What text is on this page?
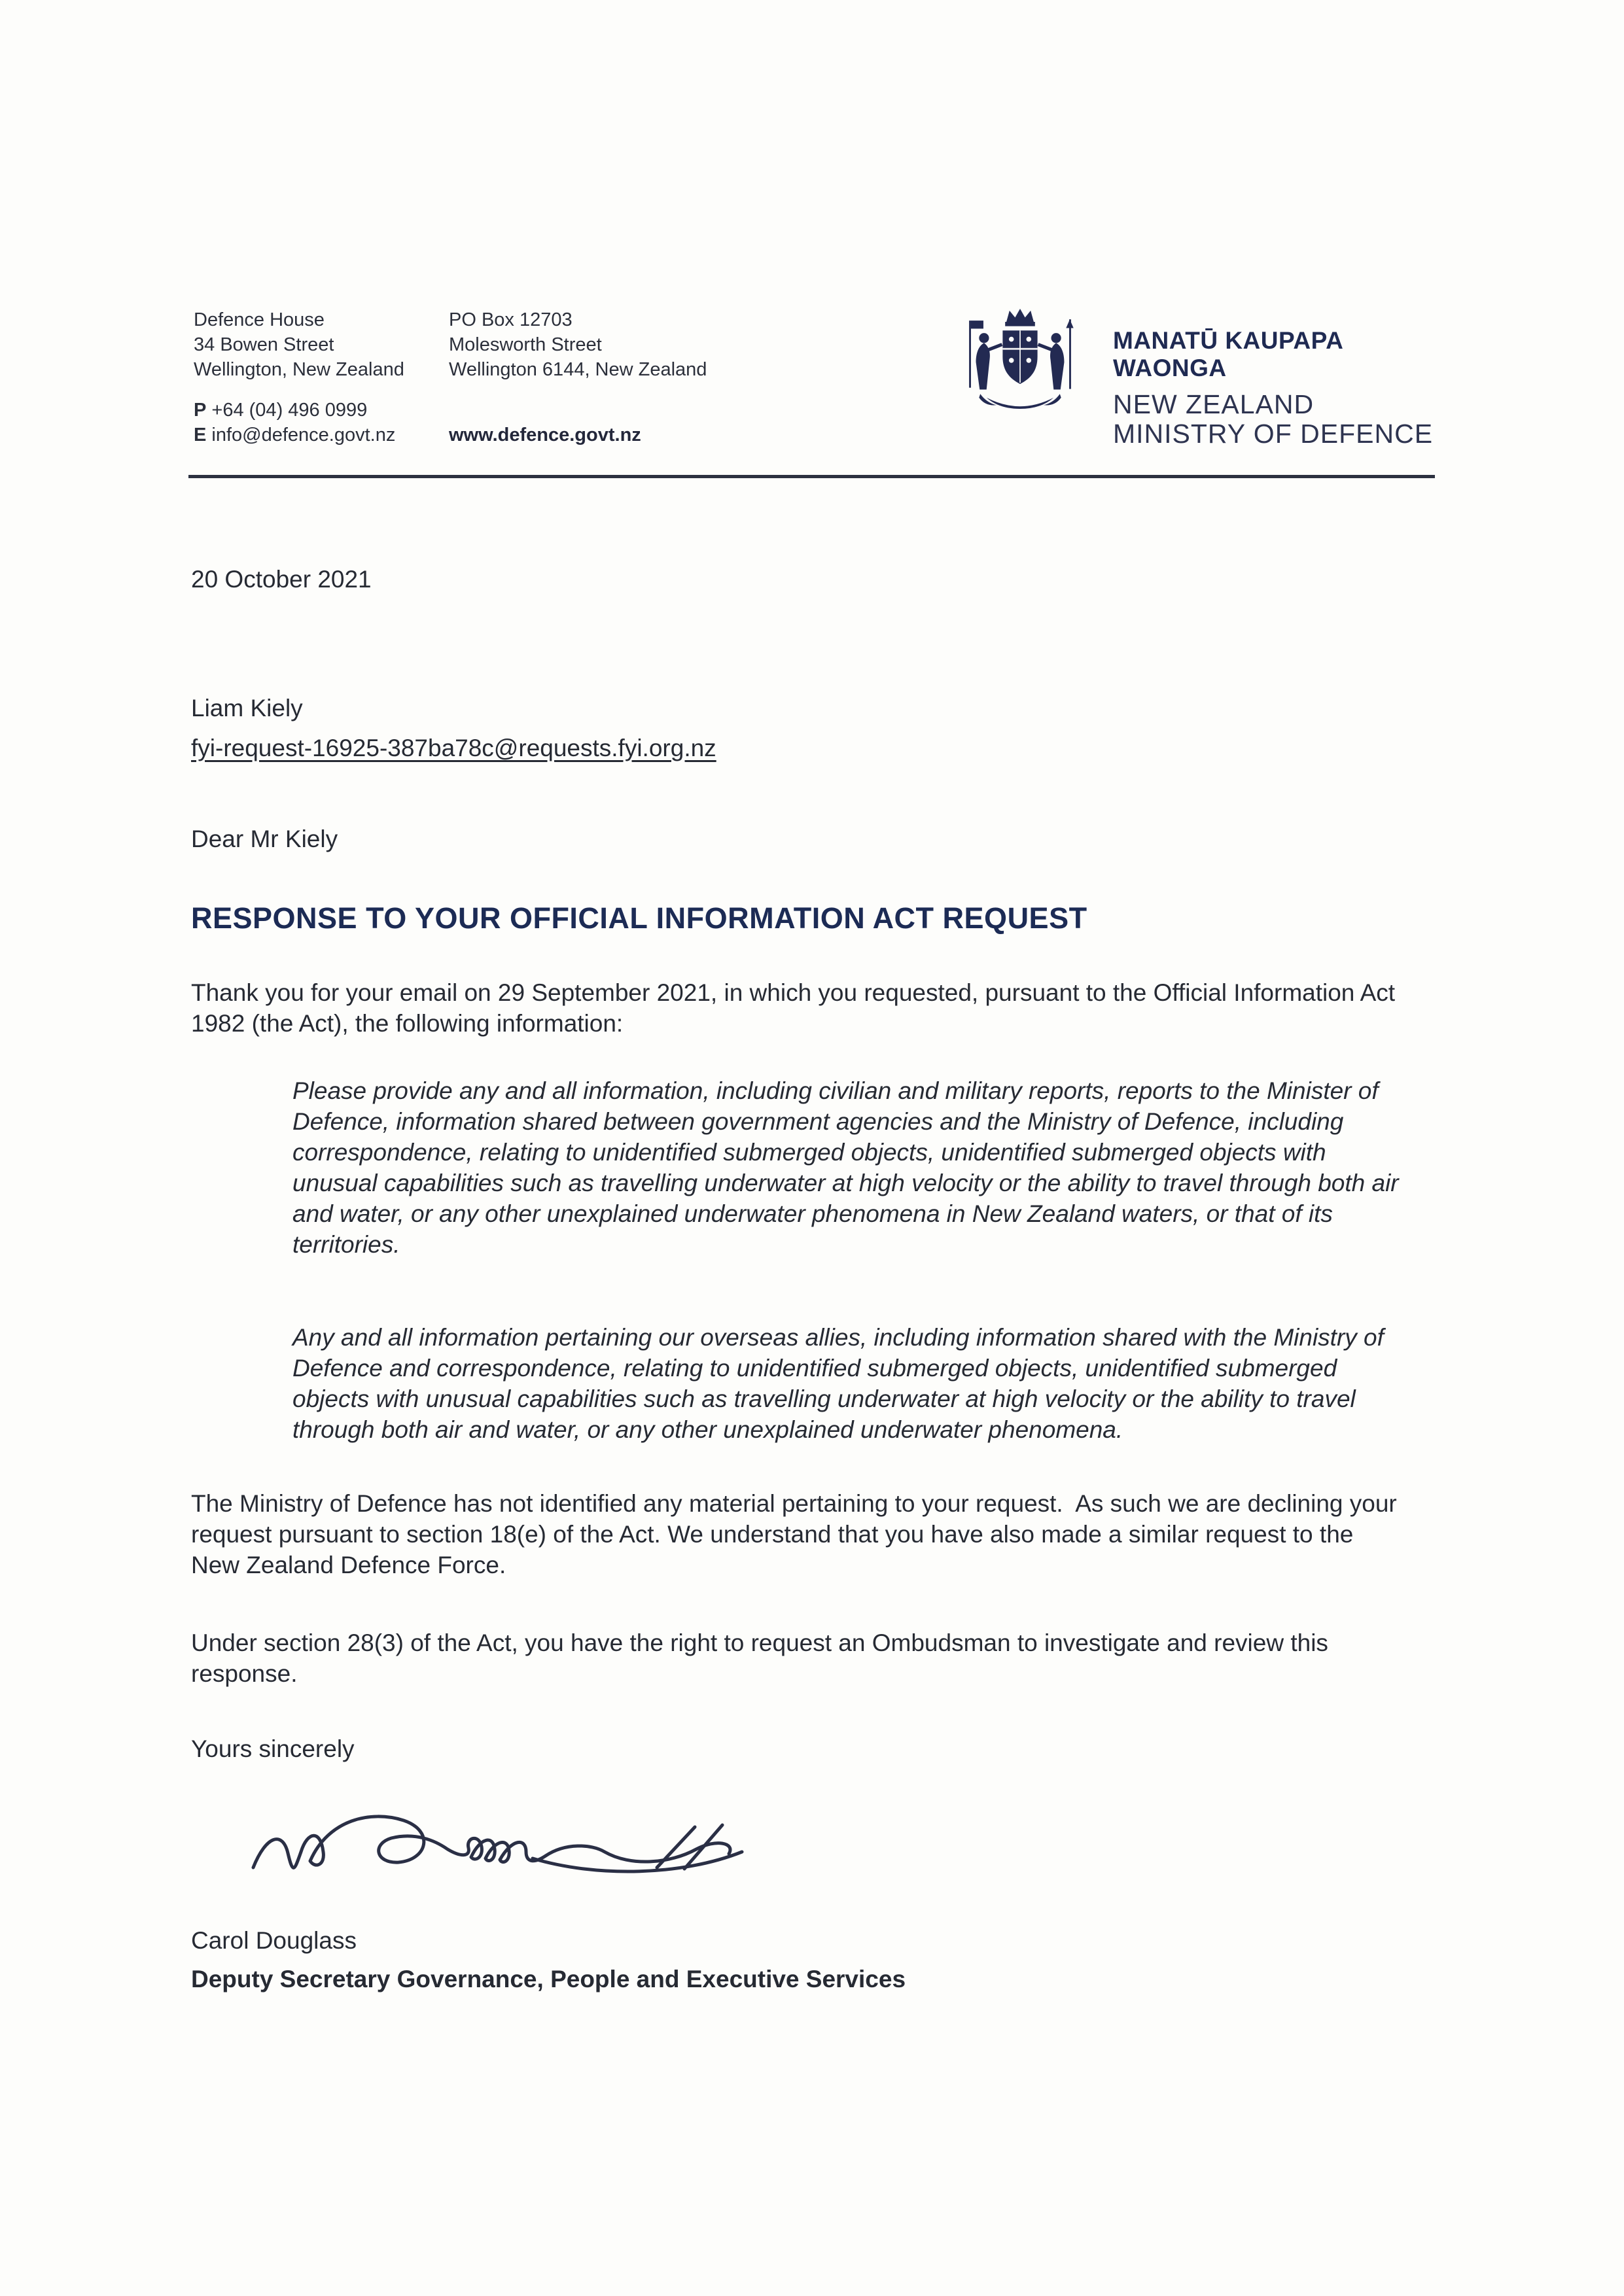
Defence House
34 Bowen Street
Wellington, New Zealand
P +64 (04) 496 0999
E info@defence.govt.nz
PO Box 12703
Molesworth Street
Wellington 6144, New Zealand
www.defence.govt.nz
MANATŪ KAUPAPA
WAONGA
NEW ZEALAND
MINISTRY OF DEFENCE

20 October 2021

Liam Kiely

fyi-request-16925-387ba78c@requests.fyi.org.nz

Dear Mr Kiely

RESPONSE TO YOUR OFFICIAL INFORMATION ACT REQUEST

Thank you for your email on 29 September 2021, in which you requested, pursuant to the Official Information Act 1982 (the Act), the following information:

Please provide any and all information, including civilian and military reports, reports to the Minister of Defence, information shared between government agencies and the Ministry of Defence, including correspondence, relating to unidentified submerged objects, unidentified submerged objects with unusual capabilities such as travelling underwater at high velocity or the ability to travel through both air and water, or any other unexplained underwater phenomena in New Zealand waters, or that of its territories.

Any and all information pertaining our overseas allies, including information shared with the Ministry of Defence and correspondence, relating to unidentified submerged objects, unidentified submerged objects with unusual capabilities such as travelling underwater at high velocity or the ability to travel through both air and water, or any other unexplained underwater phenomena.

The Ministry of Defence has not identified any material pertaining to your request.  As such we are declining your request pursuant to section 18(e) of the Act. We understand that you have also made a similar request to the New Zealand Defence Force.

Under section 28(3) of the Act, you have the right to request an Ombudsman to investigate and review this response.

Yours sincerely

Carol Douglass

Deputy Secretary Governance, People and Executive Services
